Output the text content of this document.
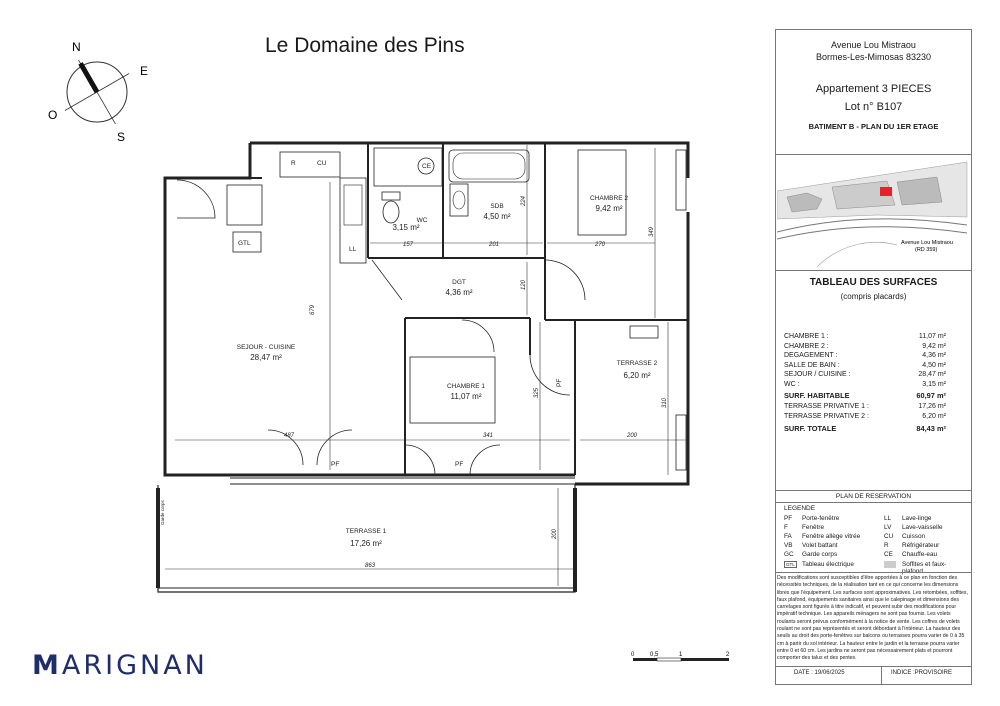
Le Domaine des Pins
N
E
S
O
WC
3,15 m²
SDB
4,50 m²
CHAMBRE 2
9,42 m²
DGT
4,36 m²
SEJOUR - CUISINE
28,47 m²
CHAMBRE 1
11,07 m²
TERRASSE 2
6,20 m²
TERRASSE 1
17,26 m²
R	CU	CE
LL
GTL
PF	PF
PF
Garde corps
157	201	270
224
349
120
679
487	341
325
200
310
863
200
MARIGNAN	0	0,5	1	2
Avenue Lou Mistraou
Bormes-Les-Mimosas 83230
Appartement 3 PIECES
Lot n° B107
BATIMENT B - PLAN DU 1ER ETAGE
Avenue Lou Mistraou
(RD 359)
TABLEAU DES SURFACES
(compris placards)
CHAMBRE 1 :	11,07 m²
CHAMBRE 2 :	9,42 m²
DEGAGEMENT :	4,36 m²
SALLE DE BAIN :	4,50 m²
SEJOUR / CUISINE :	28,47 m²
WC :	3,15 m²
SURF. HABITABLE	60,97 m²
TERRASSE PRIVATIVE 1 :	17,26 m²
TERRASSE PRIVATIVE 2 :	6,20 m²
SURF. TOTALE	84,43 m²
PLAN DE RESERVATION
LEGENDE
PF Porte-fenêtre	LL Lave-linge
F Fenêtre	LV Lave-vaisselle
FA Fenêtre allège vitrée	CU Cuisson
VB Volet battant	R Réfrigérateur
GC Garde corps	CE Chauffe-eau
GTL	Tableau électrique	Soffites et faux-plafond
Des modifications sont susceptibles d'être apportées à ce plan en fonction des nécessités techniques, de la réalisation tant en ce qui concerne les dimensions libres que l'équipement. Les surfaces sont approximatives. Les retombées, soffites, faux plafond, équipements sanitaires ainsi que le calepinage et dimensions des carrelages sont figurés à titre indicatif, et peuvent subir des modifications pour impératif technique. Les appareils ménagers ne sont pas fournis. Les volets roulants seront prévus conformément à la notice de vente. Les coffres de volets roulant ne sont pas représentés et seront débordant à l'intérieur. La hauteur des seuils au droit des porte-fenêtres sur balcons ou terrasses pourra varier de 0 à 35 cm à partir du sol intérieur. La hauteur entre le jardin et la terrasse pourra varier entre 0 et 60 cm. Les jardins ne seront pas nécessairement plats et pourront comporter des talus et des pentes.
DATE : 19/06/2025	INDICE :PROVISOIRE
